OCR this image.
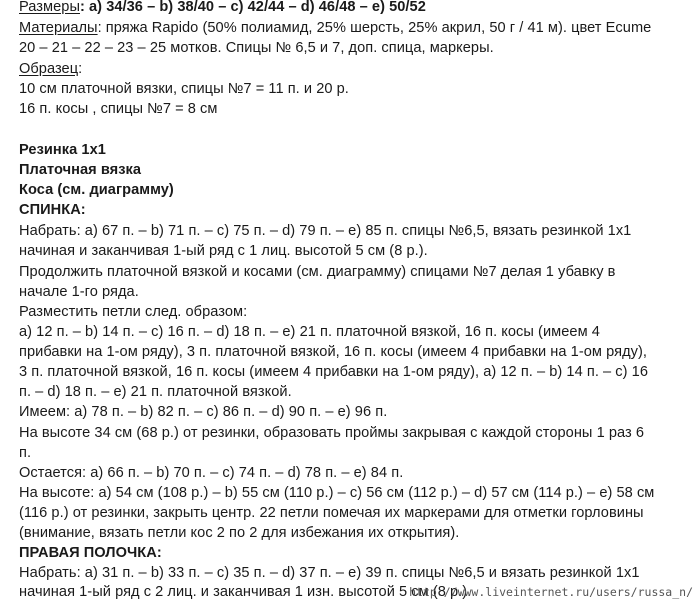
Размеры: a) 34/36 – b) 38/40 – c) 42/44 – d) 46/48 – e) 50/52
Материалы: пряжа Rapido (50% полиамид, 25% шерсть, 25% акрил, 50 г / 41 м). цвет Ecume
20 – 21 – 22 – 23 – 25 мотков. Спицы № 6,5 и 7, доп. спица, маркеры.
Образец:
10 см платочной вязки, спицы №7 = 11 п. и 20 р.
16 п. косы , спицы №7 = 8 см
Резинка 1x1
Платочная вязка
Коса (см. диаграмму)
СПИНКА:
Набрать: a) 67 п. – b) 71 п. – c) 75 п. – d) 79 п. – e) 85 п. спицы №6,5, вязать резинкой 1x1
начиная и заканчивая 1-ый ряд с 1 лиц. высотой 5 см (8 р.).
Продолжить платочной вязкой и косами (см. диаграмму) спицами №7 делая 1 убавку в
начале 1-го ряда.
Разместить петли след. образом:
a) 12 п. – b) 14 п. – c) 16 п. – d) 18 п. – e) 21 п. платочной вязкой, 16 п. косы (имеем 4
прибавки на 1-ом ряду), 3 п. платочной вязкой, 16 п. косы (имеем 4 прибавки на 1-ом ряду),
3 п. платочной вязкой, 16 п. косы (имеем 4 прибавки на 1-ом ряду), a) 12 п. – b) 14 п. – c) 16
п. – d) 18 п. – e) 21 п. платочной вязкой.
Имеем: a) 78 п. – b) 82 п. – c) 86 п. – d) 90 п. – e) 96 п.
На высоте 34 см (68 р.) от резинки, образовать проймы закрывая с каждой стороны 1 раз 6
п.
Остается: a) 66 п. – b) 70 п. – c) 74 п. – d) 78 п. – e) 84 п.
На высоте: a) 54 см (108 р.) – b) 55 см (110 р.) – c) 56 см (112 р.) – d) 57 см (114 р.) – e) 58 см
(116 р.) от резинки, закрыть центр. 22 петли помечая их маркерами для отметки горловины
(внимание, вязать петли кос 2 по 2 для избежания их открытия).
ПРАВАЯ ПОЛОЧКА:
Набрать: a) 31 п. – b) 33 п. – c) 35 п. – d) 37 п. – e) 39 п. спицы №6,5 и вязать резинкой 1x1
начиная 1-ый ряд с 2 лиц. и заканчивая 1 изн. высотой 5 см (8 р.).
http://www.liveinternet.ru/users/russa_n/
